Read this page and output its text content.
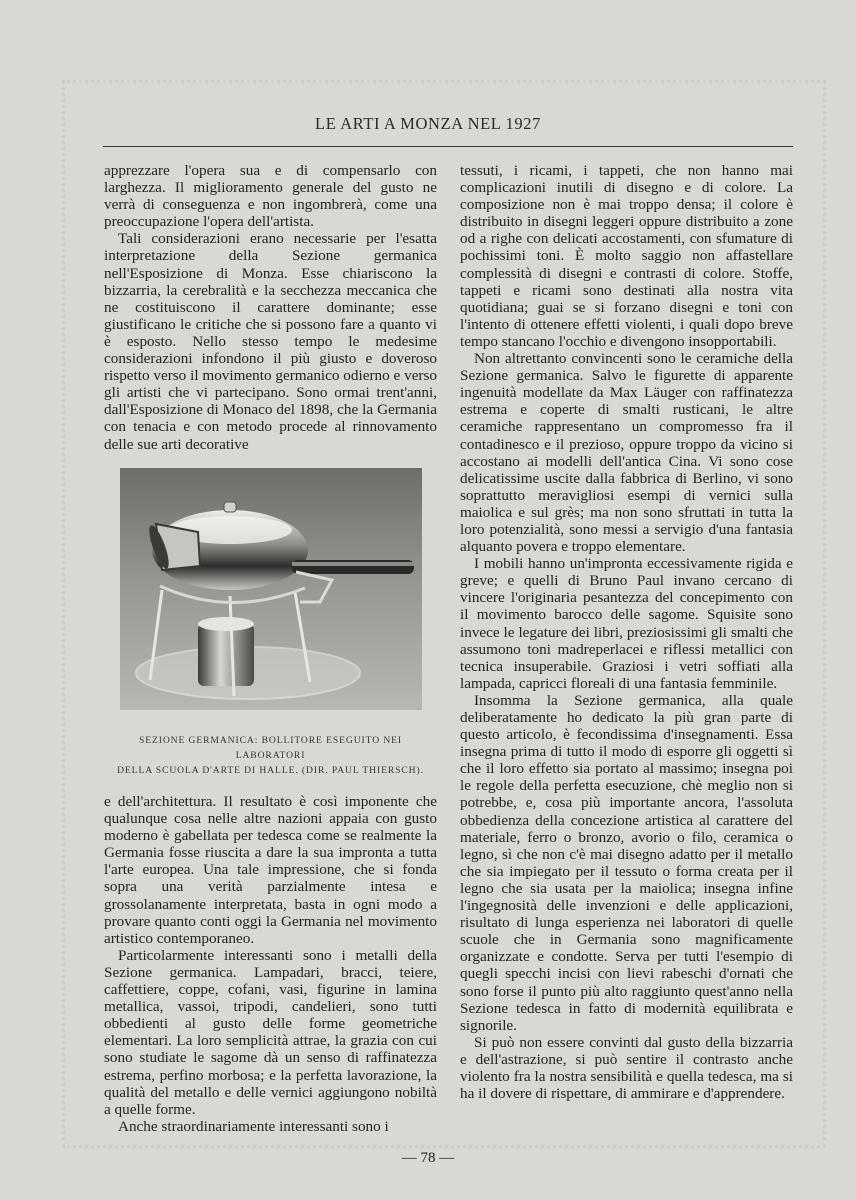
LE ARTI A MONZA NEL 1927

apprezzare l'opera sua e di compensarlo con larghezza. Il miglioramento generale del gusto ne verrà di conseguenza e non ingombrerà, come una preoccupazione l'opera dell'artista.

Tali considerazioni erano necessarie per l'esatta interpretazione della Sezione germanica nell'Esposizione di Monza. Esse chiariscono la bizzarria, la cerebralità e la secchezza meccanica che ne costituiscono il carattere dominante; esse giustificano le critiche che si possono fare a quanto vi è esposto. Nello stesso tempo le medesime considerazioni infondono il più giusto e doveroso rispetto verso il movimento germanico odierno e verso gli artisti che vi partecipano. Sono ormai trent'anni, dall'Esposizione di Monaco del 1898, che la Germania con tenacia e con metodo procede al rinnovamento delle sue arti decorative

SEZIONE GERMANICA: BOLLITORE ESEGUITO NEI LABORATORI
DELLA SCUOLA D'ARTE DI HALLE. (DIR. PAUL THIERSCH).

e dell'architettura. Il resultato è così imponente che qualunque cosa nelle altre nazioni appaia con gusto moderno è gabellata per tedesca come se realmente la Germania fosse riuscita a dare la sua impronta a tutta l'arte europea. Una tale impressione, che si fonda sopra una verità parzialmente intesa e grossolanamente interpretata, basta in ogni modo a provare quanto conti oggi la Germania nel movimento artistico contemporaneo.

Particolarmente interessanti sono i metalli della Sezione germanica. Lampadari, bracci, teiere, caffettiere, coppe, cofani, vasi, figurine in lamina metallica, vassoi, tripodi, candelieri, sono tutti obbedienti al gusto delle forme geometriche elementari. La loro semplicità attrae, la grazia con cui sono studiate le sagome dà un senso di raffinatezza estrema, perfino morbosa; e la perfetta lavorazione, la qualità del metallo e delle vernici aggiungono nobiltà a quelle forme.

Anche straordinariamente interessanti sono i

tessuti, i ricami, i tappeti, che non hanno mai complicazioni inutili di disegno e di colore. La composizione non è mai troppo densa; il colore è distribuito in disegni leggeri oppure distribuito a zone od a righe con delicati accostamenti, con sfumature di pochissimi toni. È molto saggio non affastellare complessità di disegni e contrasti di colore. Stoffe, tappeti e ricami sono destinati alla nostra vita quotidiana; guai se si forzano disegni e toni con l'intento di ottenere effetti violenti, i quali dopo breve tempo stancano l'occhio e divengono insopportabili.

Non altrettanto convincenti sono le ceramiche della Sezione germanica. Salvo le figurette di apparente ingenuità modellate da Max Läuger con raffinatezza estrema e coperte di smalti rusticani, le altre ceramiche rappresentano un compromesso fra il contadinesco e il prezioso, oppure troppo da vicino si accostano ai modelli dell'antica Cina. Vi sono cose delicatissime uscite dalla fabbrica di Berlino, vi sono soprattutto meravigliosi esempi di vernici sulla maiolica e sul grès; ma non sono sfruttati in tutta la loro potenzialità, sono messi a servigio d'una fantasia alquanto povera e troppo elementare.

I mobili hanno un'impronta eccessivamente rigida e greve; e quelli di Bruno Paul invano cercano di vincere l'originaria pesantezza del concepimento con il movimento barocco delle sagome. Squisite sono invece le legature dei libri, preziosissimi gli smalti che assumono toni madreperlacei e riflessi metallici con tecnica insuperabile. Graziosi i vetri soffiati alla lampada, capricci floreali di una fantasia femminile.

Insomma la Sezione germanica, alla quale deliberatamente ho dedicato la più gran parte di questo articolo, è fecondissima d'insegnamenti. Essa insegna prima di tutto il modo di esporre gli oggetti sì che il loro effetto sia portato al massimo; insegna poi le regole della perfetta esecuzione, chè meglio non si potrebbe, e, cosa più importante ancora, l'assoluta obbedienza della concezione artistica al carattere del materiale, ferro o bronzo, avorio o filo, ceramica o legno, sì che non c'è mai disegno adatto per il metallo che sia impiegato per il tessuto o forma creata per il legno che sia usata per la maiolica; insegna infine l'ingegnosità delle invenzioni e delle applicazioni, risultato di lunga esperienza nei laboratori di quelle scuole che in Germania sono magnificamente organizzate e condotte. Serva per tutti l'esempio di quegli specchi incisi con lievi rabeschi d'ornati che sono forse il punto più alto raggiunto quest'anno nella Sezione tedesca in fatto di modernità equilibrata e signorile.

Si può non essere convinti dal gusto della bizzarria e dell'astrazione, si può sentire il contrasto anche violento fra la nostra sensibilità e quella tedesca, ma si ha il dovere di rispettare, di ammirare e d'apprendere.

— 78 —
